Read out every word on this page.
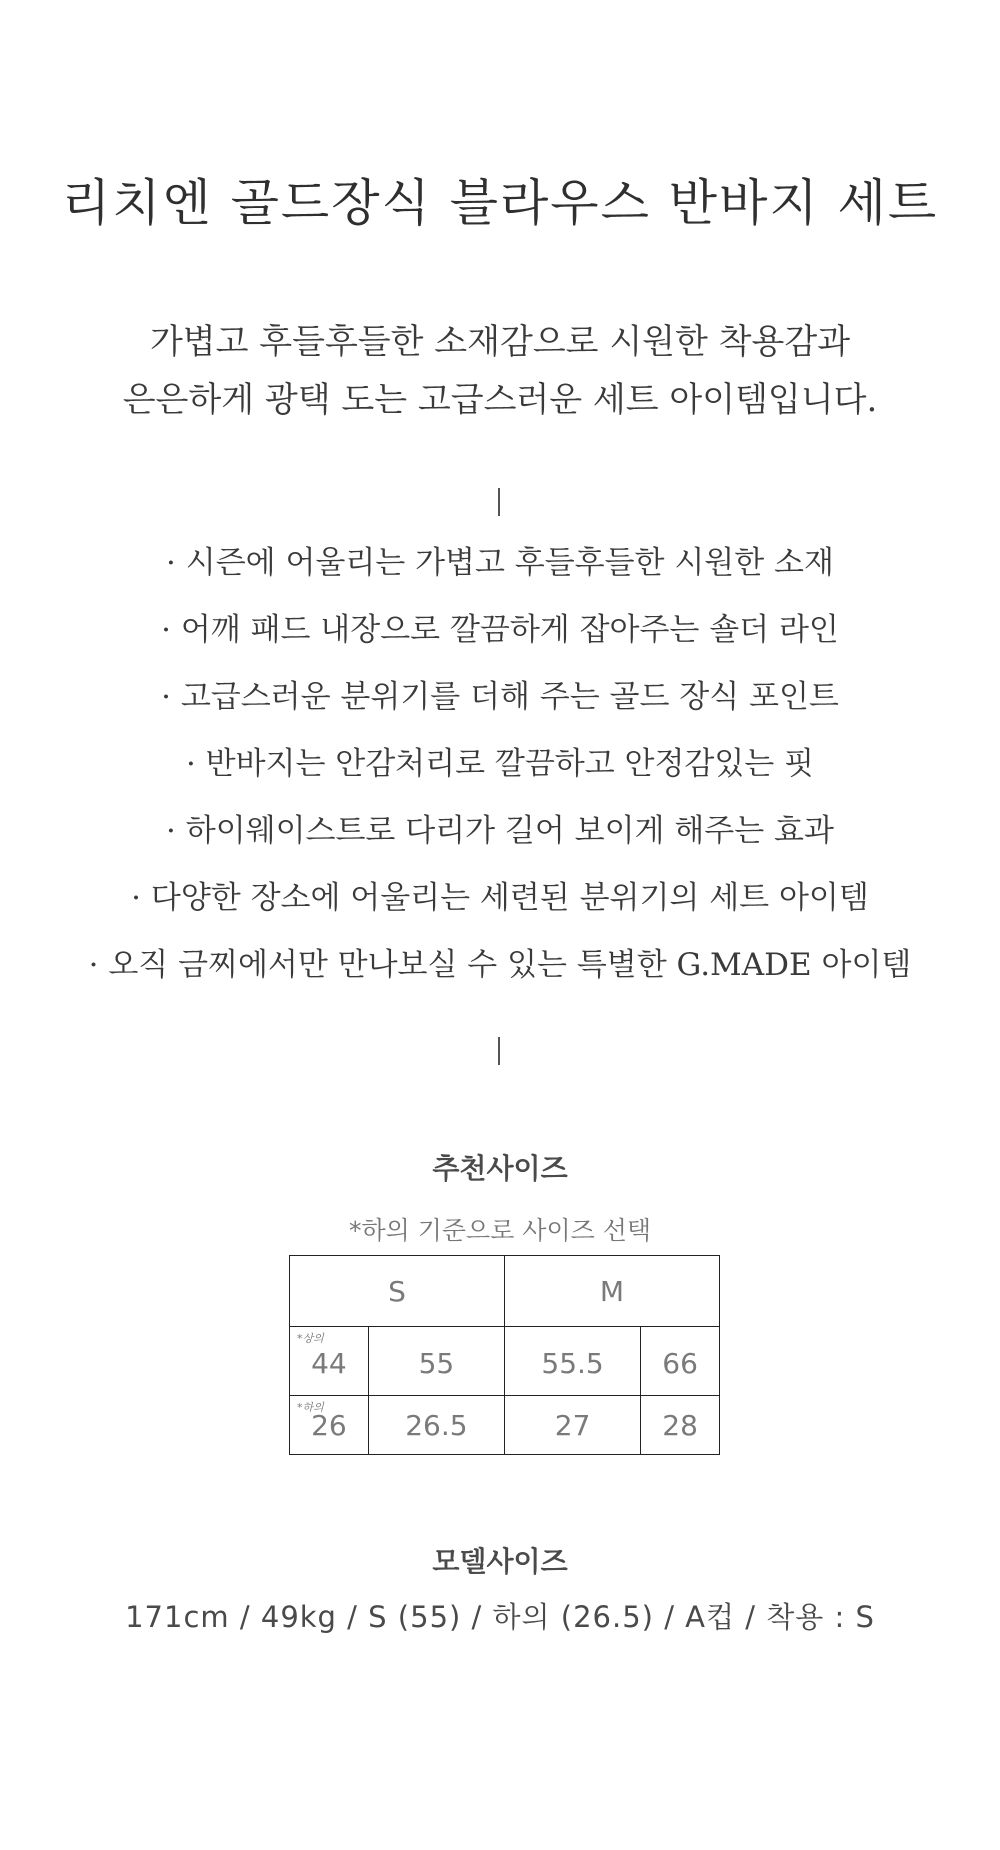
리치엔 골드장식 블라우스 반바지 세트
가볍고 후들후들한 소재감으로 시원한 착용감과
은은하게 광택 도는 고급스러운 세트 아이템입니다.
· 시즌에 어울리는 가볍고 후들후들한 시원한 소재
· 어깨 패드 내장으로 깔끔하게 잡아주는 숄더 라인
· 고급스러운 분위기를 더해 주는 골드 장식 포인트
· 반바지는 안감처리로 깔끔하고 안정감있는 핏
· 하이웨이스트로 다리가 길어 보이게 해주는 효과
· 다양한 장소에 어울리는 세련된 분위기의 세트 아이템
· 오직 금찌에서만 만나보실 수 있는 특별한 G.MADE 아이템
추천사이즈
*하의 기준으로 사이즈 선택
S		M	

*상의
44	55	55.5	66

*하의
26	26.5	27	28
모델사이즈
171cm / 49kg / S (55) / 하의 (26.5) / A컵 / 착용 : S
